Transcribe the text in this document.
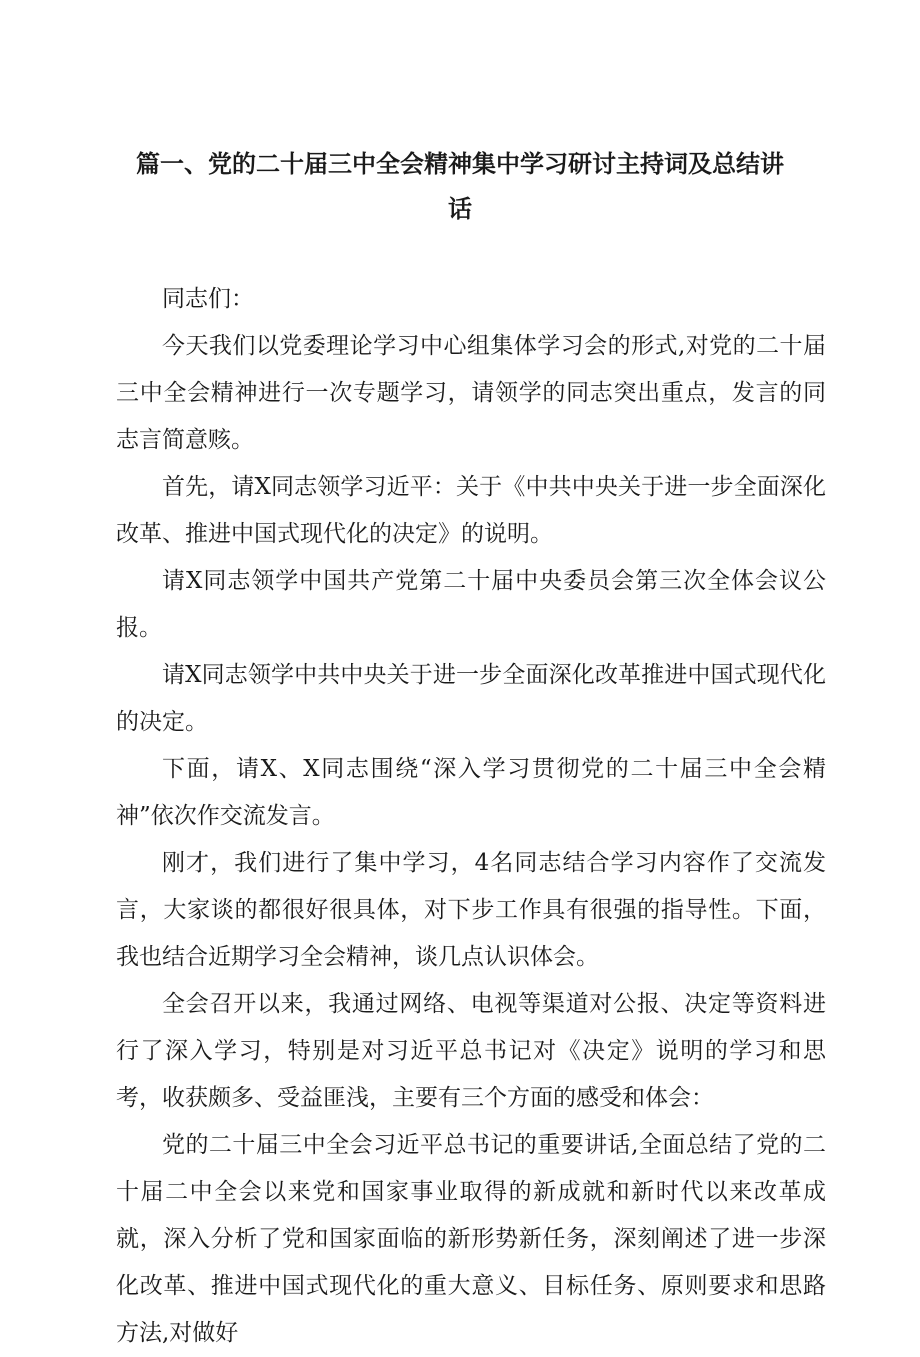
篇一、党的二十届三中全会精神集中学习研讨主持词及总结讲
话

同志们：

今天我们以党委理论学习中心组集体学习会的形式,对党的二十届三中全会精神进行一次专题学习，请领学的同志突出重点，发言的同志言简意赅。

首先，请X同志领学习近平：关于《中共中央关于进一步全面深化改革、推进中国式现代化的决定》的说明。

请X同志领学中国共产党第二十届中央委员会第三次全体会议公报。

请X同志领学中共中央关于进一步全面深化改革推进中国式现代化的决定。

下面，请X、X同志围绕“深入学习贯彻党的二十届三中全会精神”依次作交流发言。

刚才，我们进行了集中学习，4名同志结合学习内容作了交流发言，大家谈的都很好很具体，对下步工作具有很强的指导性。下面，我也结合近期学习全会精神，谈几点认识体会。

全会召开以来，我通过网络、电视等渠道对公报、决定等资料进行了深入学习，特别是对习近平总书记对《决定》说明的学习和思考，收获颇多、受益匪浅，主要有三个方面的感受和体会：

党的二十届三中全会习近平总书记的重要讲话,全面总结了党的二十届二中全会以来党和国家事业取得的新成就和新时代以来改革成就，深入分析了党和国家面临的新形势新任务，深刻阐述了进一步深化改革、推进中国式现代化的重大意义、目标任务、原则要求和思路方法,对做好
